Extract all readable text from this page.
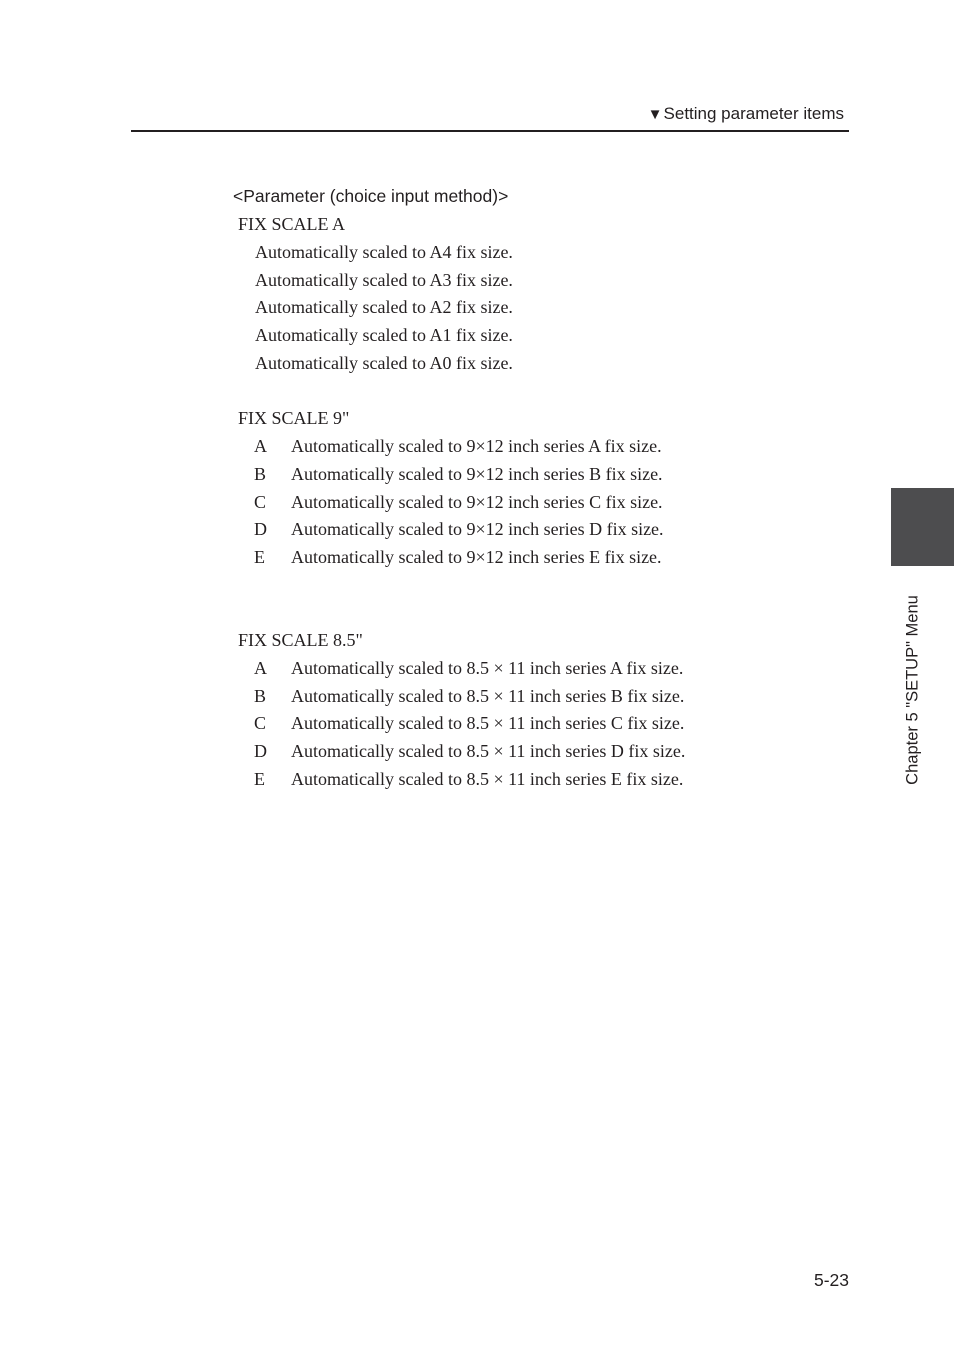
▼Setting parameter items
<Parameter (choice input method)>
FIX SCALE A
Automatically scaled to A4 fix size.
Automatically scaled to A3 fix size.
Automatically scaled to A2 fix size.
Automatically scaled to A1 fix size.
Automatically scaled to A0 fix size.
FIX SCALE 9"
A Automatically scaled to 9×12 inch series A fix size.
B Automatically scaled to 9×12 inch series B fix size.
C Automatically scaled to 9×12 inch series C fix size.
D Automatically scaled to 9×12 inch series D fix size.
E Automatically scaled to 9×12 inch series E fix size.
FIX SCALE 8.5"
A Automatically scaled to 8.5 × 11 inch series A fix size.
B Automatically scaled to 8.5 × 11 inch series B fix size.
C Automatically scaled to 8.5 × 11 inch series C fix size.
D Automatically scaled to 8.5 × 11 inch series D fix size.
E Automatically scaled to 8.5 × 11 inch series E fix size.	Chapter 5 "SETUP" Menu
5-23
